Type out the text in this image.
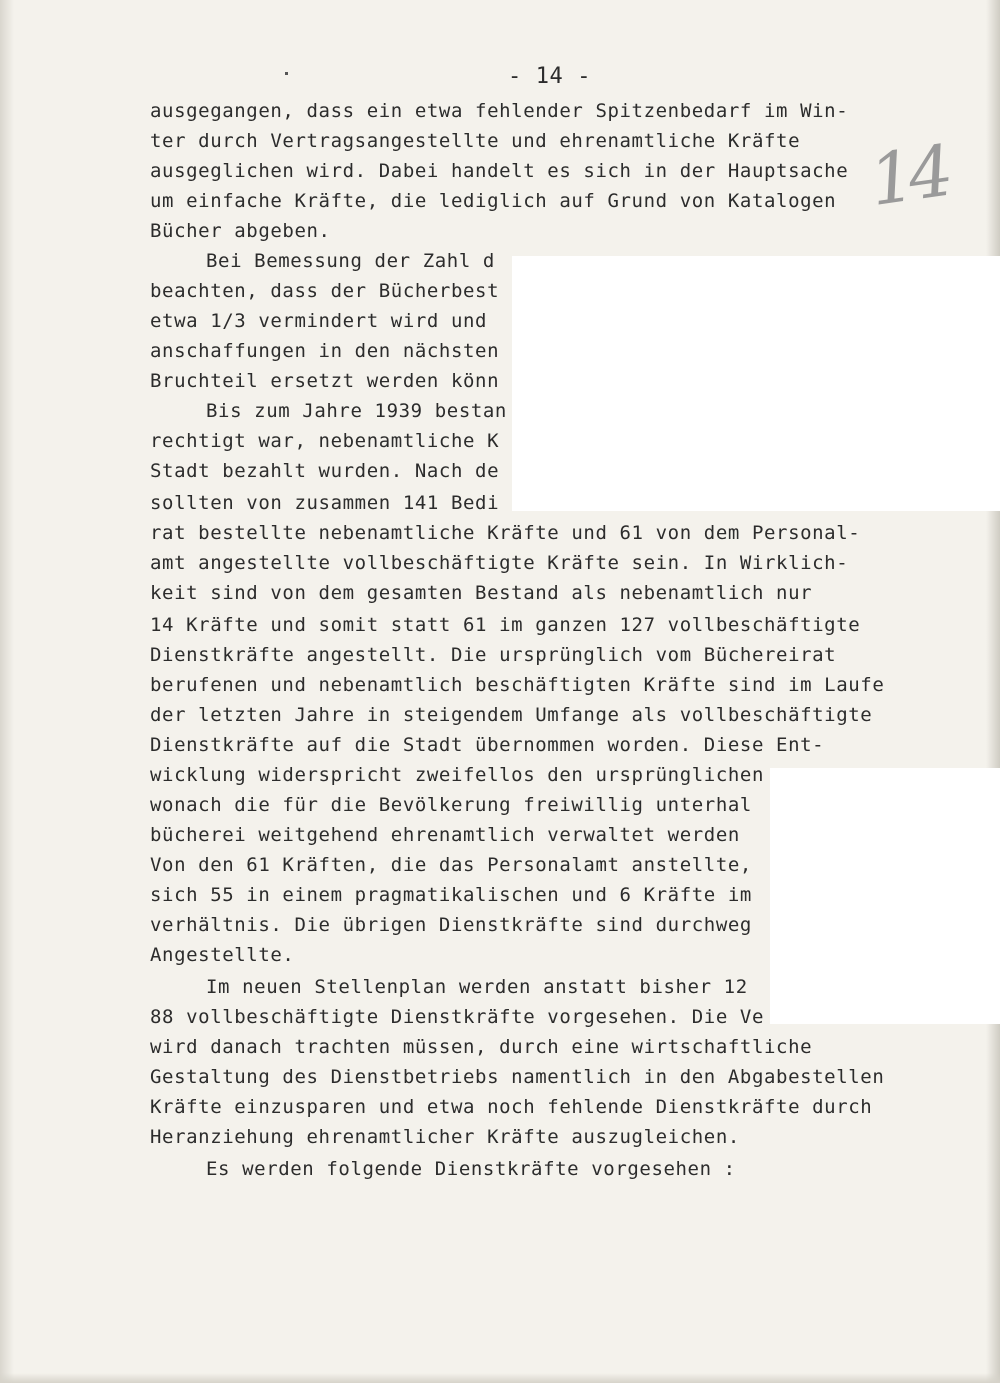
- 14 -
14
ausgegangen, dass ein etwa fehlender Spitzenbedarf im Win-
ter durch Vertragsangestellte und ehrenamtliche Kräfte
ausgeglichen wird. Dabei handelt es sich in der Hauptsache
um einfache Kräfte, die lediglich auf Grund von Katalogen
Bücher abgeben.
Bei Bemessung der Zahl d
beachten, dass der Bücherbest
etwa 1/3 vermindert wird und
anschaffungen in den nächsten
Bruchteil ersetzt werden könn
Bis zum Jahre 1939 bestan
rechtigt war, nebenamtliche K
Stadt bezahlt wurden. Nach de
sollten von zusammen 141 Bedi
rat bestellte nebenamtliche Kräfte und 61 von dem Personal-
amt angestellte vollbeschäftigte Kräfte sein. In Wirklich-
keit sind von dem gesamten Bestand als nebenamtlich nur
14 Kräfte und somit statt 61 im ganzen 127 vollbeschäftigte
Dienstkräfte angestellt. Die ursprünglich vom Büchereirat
berufenen und nebenamtlich beschäftigten Kräfte sind im Laufe
der letzten Jahre in steigendem Umfange als vollbeschäftigte
Dienstkräfte auf die Stadt übernommen worden. Diese Ent-
wicklung widerspricht zweifellos den ursprünglichen
wonach die für die Bevölkerung freiwillig unterhal
bücherei weitgehend ehrenamtlich verwaltet werden
Von den 61 Kräften, die das Personalamt anstellte,
sich 55 in einem pragmatikalischen und 6 Kräfte im
verhältnis. Die übrigen Dienstkräfte sind durchweg
Angestellte.
Im neuen Stellenplan werden anstatt bisher 12
88 vollbeschäftigte Dienstkräfte vorgesehen. Die Ve
wird danach trachten müssen, durch eine wirtschaftliche
Gestaltung des Dienstbetriebs namentlich in den Abgabestellen
Kräfte einzusparen und etwa noch fehlende Dienstkräfte durch
Heranziehung ehrenamtlicher Kräfte auszugleichen.
Es werden folgende Dienstkräfte vorgesehen :
